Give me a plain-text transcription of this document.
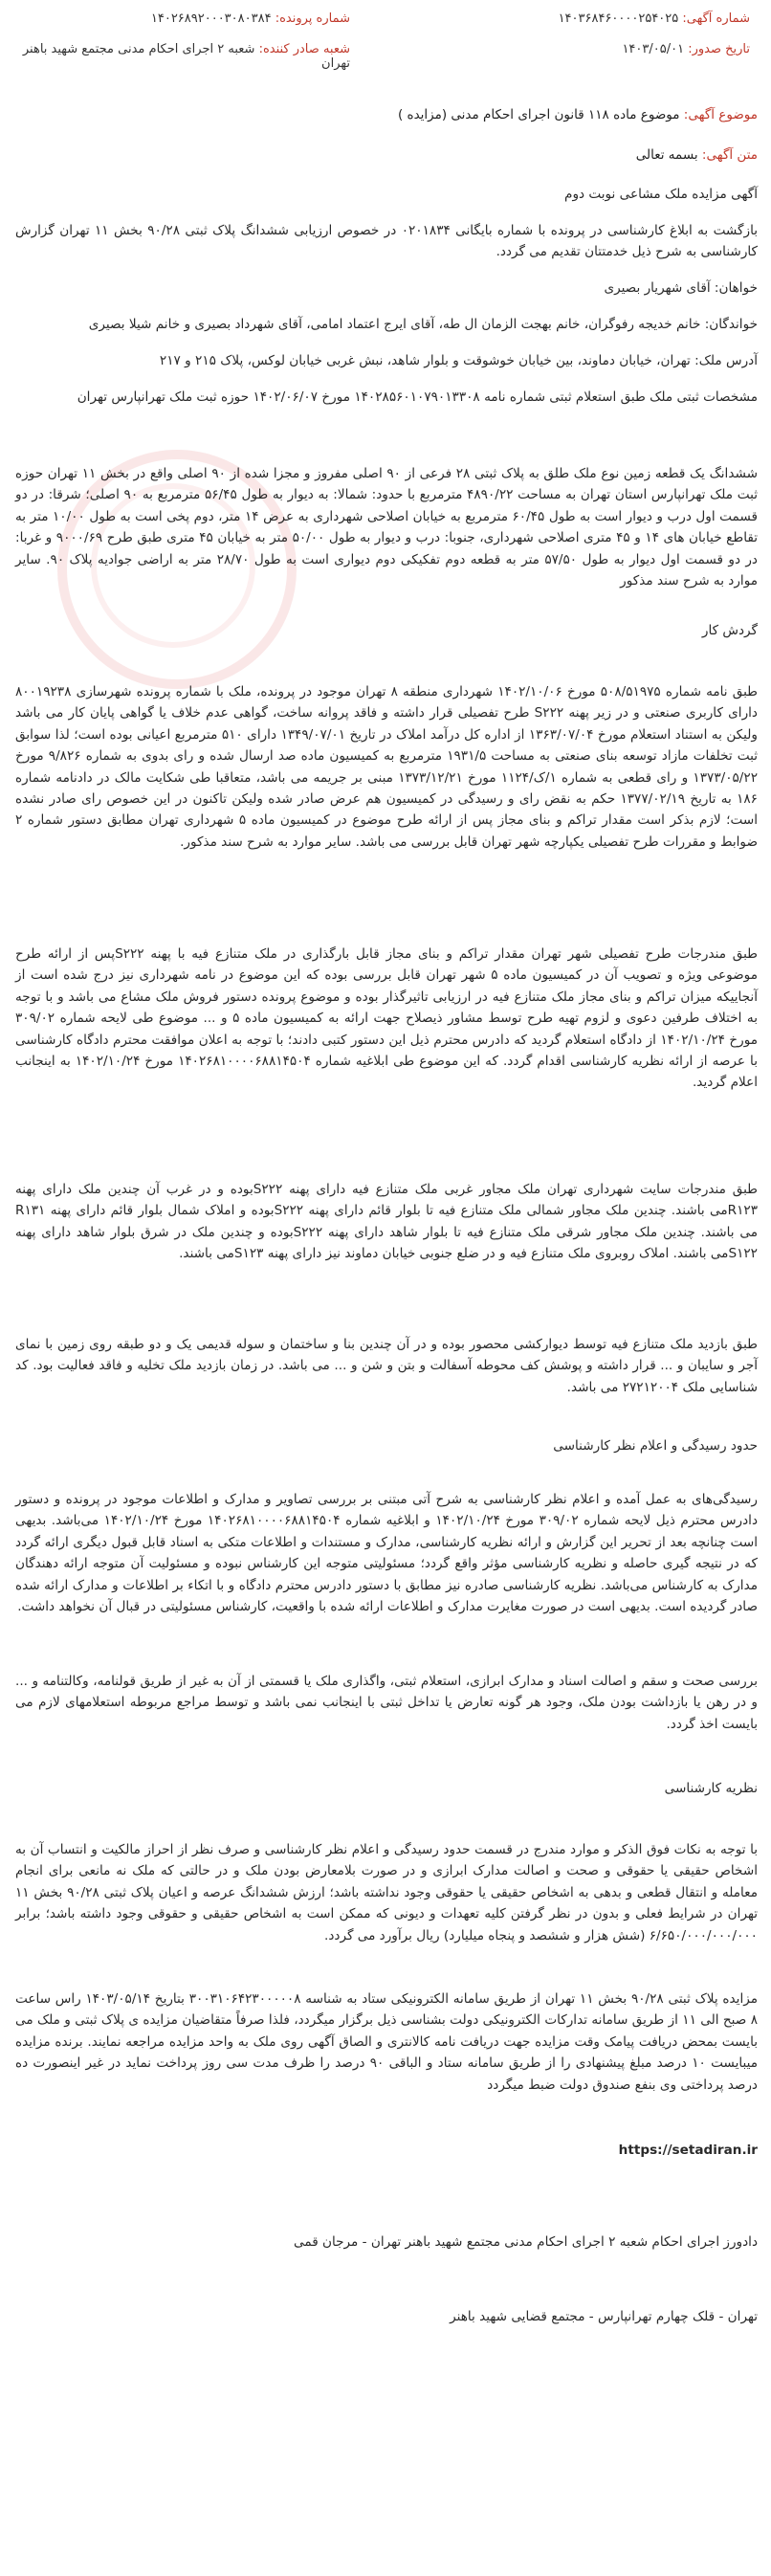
شماره آگهی: ۱۴۰۳۶۸۴۶۰۰۰۰۲۵۴۰۲۵
شماره پرونده: ۱۴۰۲۶۸۹۲۰۰۰۳۰۸۰۳۸۴
تاریخ صدور: ۱۴۰۳/۰۵/۰۱
شعبه صادر کننده: شعبه ۲ اجرای احکام مدنی مجتمع شهید باهنر تهران
موضوع آگهی: موضوع ماده ۱۱۸ قانون اجرای احکام مدنی (مزایده )
متن آگهی: بسمه تعالی

آگهی مزایده ملک مشاعی نوبت دوم

بازگشت به ابلاغ کارشناسی در پرونده با شماره بایگانی ۰۲۰۱۸۳۴ در خصوص ارزیابی ششدانگ پلاک ثبتی ۹۰/۲۸ بخش ۱۱ تهران گزارش کارشناسی به شرح ذیل خدمتتان تقدیم می گردد.

خواهان: آقای شهریار بصیری

خواندگان: خانم خدیجه رفوگران، خانم بهجت الزمان ال طه، آقای ایرج اعتماد امامی، آقای شهرداد بصیری و خانم شیلا بصیری

آدرس ملک: تهران، خیابان دماوند، بین خیابان خوشوقت و بلوار شاهد، نبش غربی خیابان لوکس، پلاک ۲۱۵ و ۲۱۷

مشخصات ثبتی ملک طبق استعلام ثبتی شماره نامه ۱۴۰۲۸۵۶۰۱۰۷۹۰۱۳۳۰۸ مورخ ۱۴۰۲/۰۶/۰۷ حوزه ثبت ملک تهرانپارس تهران

ششدانگ یک قطعه زمین نوع ملک طلق به پلاک ثبتی ۲۸ فرعی از ۹۰ اصلی مفروز و مجزا شده از ۹۰ اصلی واقع در بخش ۱۱ تهران حوزه ثبت ملک تهرانپارس استان تهران به مساحت ۴۸۹۰/۲۲ مترمربع با حدود: شمالا: به دیوار به طول ۵۶/۴۵ مترمربع به ۹۰ اصلی؛ شرقا: در دو قسمت اول درب و دیوار است به طول ۶۰/۴۵ مترمربع به خیابان اصلاحی شهرداری به عرض ۱۴ متر، دوم پخی است به طول ۱۰/۰۰ متر به تقاطع خیابان های ۱۴ و ۴۵ متری اصلاحی شهرداری، جنوبا: درب و دیوار به طول ۵۰/۰۰ متر به خیابان ۴۵ متری طبق طرح ۹۰۰۰/۶۹ و غربا: در دو قسمت اول دیوار به طول ۵۷/۵۰ متر به قطعه دوم تفکیکی دوم دیواری است به طول ۲۸/۷۰ متر به اراضی جوادیه پلاک ۹۰. سایر موارد به شرح سند مذکور

گردش کار

طبق نامه شماره ۵۰۸/۵۱۹۷۵ مورخ ۱۴۰۲/۱۰/۰۶ شهرداری منطقه ۸ تهران موجود در پرونده، ملک با شماره پرونده شهرسازی ۸۰۰۱۹۲۳۸ دارای کاربری صنعتی و در زیر پهنه S۲۲۲ طرح تفصیلی قرار داشته و فاقد پروانه ساخت، گواهی عدم خلاف یا گواهی پایان کار می باشد ولیکن به استناد استعلام مورخ ۱۳۶۳/۰۷/۰۴ از اداره کل درآمد املاک در تاریخ ۱۳۴۹/۰۷/۰۱ دارای ۵۱۰ مترمربع اعیانی بوده است؛ لذا سوابق ثبت تخلفات مازاد توسعه بنای صنعتی به مساحت ۱۹۳۱/۵ مترمربع به کمیسیون ماده صد ارسال شده و رای بدوی به شماره ۹/۸۲۶ مورخ ۱۳۷۳/۰۵/۲۲ و رای قطعی به شماره ۱/ک/۱۱۲۴ مورخ ۱۳۷۳/۱۲/۲۱ مبنی بر جریمه می باشد، متعاقبا طی شکایت مالک در دادنامه شماره ۱۸۶ به تاریخ ۱۳۷۷/۰۲/۱۹ حکم به نقض رای و رسیدگی در کمیسیون هم عرض صادر شده ولیکن تاکنون در این خصوص رای صادر نشده است؛ لازم بذکر است مقدار تراکم و بنای مجاز پس از ارائه طرح موضوع در کمیسیون ماده ۵ شهرداری تهران مطابق دستور شماره ۲ ضوابط و مقررات طرح تفصیلی یکپارچه شهر تهران قابل بررسی می باشد. سایر موارد به شرح سند مذکور.

طبق مندرجات طرح تفصیلی شهر تهران مقدار تراکم و بنای مجاز قابل بارگذاری در ملک متنازع فیه با پهنه S۲۲۲پس از ارائه طرح موضوعی ویژه و تصویب آن در کمیسیون ماده ۵ شهر تهران قابل بررسی بوده که این موضوع در نامه شهرداری نیز درج شده است از آنجاییکه میزان تراکم و بنای مجاز ملک متنازع فیه در ارزیابی تاثیرگذار بوده و موضوع پرونده دستور فروش ملک مشاع می باشد و با توجه به اختلاف طرفین دعوی و لزوم تهیه طرح توسط مشاور ذیصلاح جهت ارائه به کمیسیون ماده ۵ و ... موضوع طی لایحه شماره ۳۰۹/۰۲ مورخ ۱۴۰۲/۱۰/۲۴ از دادگاه استعلام گردید که دادرس محترم ذیل این دستور کتبی دادند؛ با توجه به اعلان موافقت محترم دادگاه کارشناسی با عرصه از ارائه نظریه کارشناسی اقدام گردد. که این موضوع طی ابلاغیه شماره ۱۴۰۲۶۸۱۰۰۰۰۶۸۸۱۴۵۰۴ مورخ ۱۴۰۲/۱۰/۲۴ به اینجانب اعلام گردید.

طبق مندرجات سایت شهرداری تهران ملک مجاور غربی ملک متنازع فیه دارای پهنه S۲۲۲بوده و در غرب آن چندین ملک دارای پهنه R۱۲۳می باشند. چندین ملک مجاور شمالی ملک متنازع فیه تا بلوار قائم دارای پهنه S۲۲۲بوده و املاک شمال بلوار قائم دارای پهنه R۱۳۱ می باشند. چندین ملک مجاور شرقی ملک متنازع فیه تا بلوار شاهد دارای پهنه S۲۲۲بوده و چندین ملک در شرق بلوار شاهد دارای پهنه S۱۲۲می باشند. املاک روبروی ملک متنازع فیه و در ضلع جنوبی خیابان دماوند نیز دارای پهنه S۱۲۳می باشند.

طبق بازدید ملک متنازع فیه توسط دیوارکشی محصور بوده و در آن چندین بنا و ساختمان و سوله قدیمی یک و دو طبقه روی زمین با نمای آجر و سایبان و ... قرار داشته و پوشش کف محوطه آسفالت و بتن و شن و ... می باشد. در زمان بازدید ملک تخلیه و فاقد فعالیت بود. کد شناسایی ملک ۲۷۲۱۲۰۰۴ می باشد.

حدود رسیدگی و اعلام نظر کارشناسی

رسیدگی‌های به عمل آمده و اعلام نظر کارشناسی به شرح آتی مبتنی بر بررسی تصاویر و مدارک و اطلاعات موجود در پرونده و دستور دادرس محترم ذیل لایحه شماره ۳۰۹/۰۲ مورخ ۱۴۰۲/۱۰/۲۴ و ابلاغیه شماره ۱۴۰۲۶۸۱۰۰۰۰۶۸۸۱۴۵۰۴ مورخ ۱۴۰۲/۱۰/۲۴ می‌باشد. بدیهی است چنانچه بعد از تحریر این گزارش و ارائه نظریه کارشناسی، مدارک و مستندات و اطلاعات متکی به اسناد قابل قبول دیگری ارائه گردد که در نتیجه گیری حاصله و نظریه کارشناسی مؤثر واقع گردد؛ مسئولیتی متوجه این کارشناس نبوده و مسئولیت آن متوجه ارائه دهندگان مدارک به کارشناس می‌باشد. نظریه کارشناسی صادره نیز مطابق با دستور دادرس محترم دادگاه و با اتکاء بر اطلاعات و مدارک ارائه شده صادر گردیده است. بدیهی است در صورت مغایرت مدارک و اطلاعات ارائه شده با واقعیت، کارشناس مسئولیتی در قبال آن نخواهد داشت.

بررسی صحت و سقم و اصالت اسناد و مدارک ابرازی، استعلام ثبتی، واگذاری ملک یا قسمتی از آن به غیر از طریق قولنامه، وکالتنامه و ... و در رهن یا بازداشت بودن ملک، وجود هر گونه تعارض یا تداخل ثبتی با اینجانب نمی باشد و توسط مراجع مربوطه استعلامهای لازم می بایست اخذ گردد.

نظریه کارشناسی

با توجه به نکات فوق الذکر و موارد مندرج در قسمت حدود رسیدگی و اعلام نظر کارشناسی و صرف نظر از احراز مالکیت و انتساب آن به اشخاص حقیقی یا حقوقی و صحت و اصالت مدارک ابرازی و در صورت بلامعارض بودن ملک و در حالتی که ملک نه مانعی برای انجام معامله و انتقال قطعی و بدهی به اشخاص حقیقی یا حقوقی وجود نداشته باشد؛ ارزش ششدانگ عرصه و اعیان پلاک ثبتی ۹۰/۲۸ بخش ۱۱ تهران در شرایط فعلی و بدون در نظر گرفتن کلیه تعهدات و دیونی که ممکن است به اشخاص حقیقی و حقوقی وجود داشته باشد؛ برابر ۶/۶۵۰/۰۰۰/۰۰۰/۰۰۰ (شش هزار و ششصد و پنجاه میلیارد) ریال برآورد می گردد.

مزایده پلاک ثبتی ۹۰/۲۸ بخش ۱۱ تهران از طریق سامانه الکترونیکی ستاد به شناسه ۳۰۰۳۱۰۶۴۲۳۰۰۰۰۰۸ بتاریخ ۱۴۰۳/۰۵/۱۴ راس ساعت ۸ صبح الی ۱۱ از طریق سامانه تدارکات الکترونیکی دولت بشناسی ذیل برگزار میگردد، فلذا صرفاً متقاضیان مزایده ی پلاک ثبتی و ملک می بایست بمحض دریافت پیامک وقت مزایده جهت دریافت نامه کالانتری و الصاق آگهی روی ملک به واحد مزایده مراجعه نمایند. برنده مزایده میبایست ۱۰ درصد مبلغ پیشنهادی را از طریق سامانه ستاد و الباقی ۹۰ درصد را ظرف مدت سی روز پرداخت نماید در غیر اینصورت ده درصد پرداختی وی بنفع صندوق دولت ضبط میگردد

https://setadiran.ir

دادورز اجرای احکام شعبه ۲ اجرای احکام مدنی مجتمع شهید باهنر تهران - مرجان قمی

تهران - قلک چهارم تهرانپارس - مجتمع قضایی شهید باهنر
